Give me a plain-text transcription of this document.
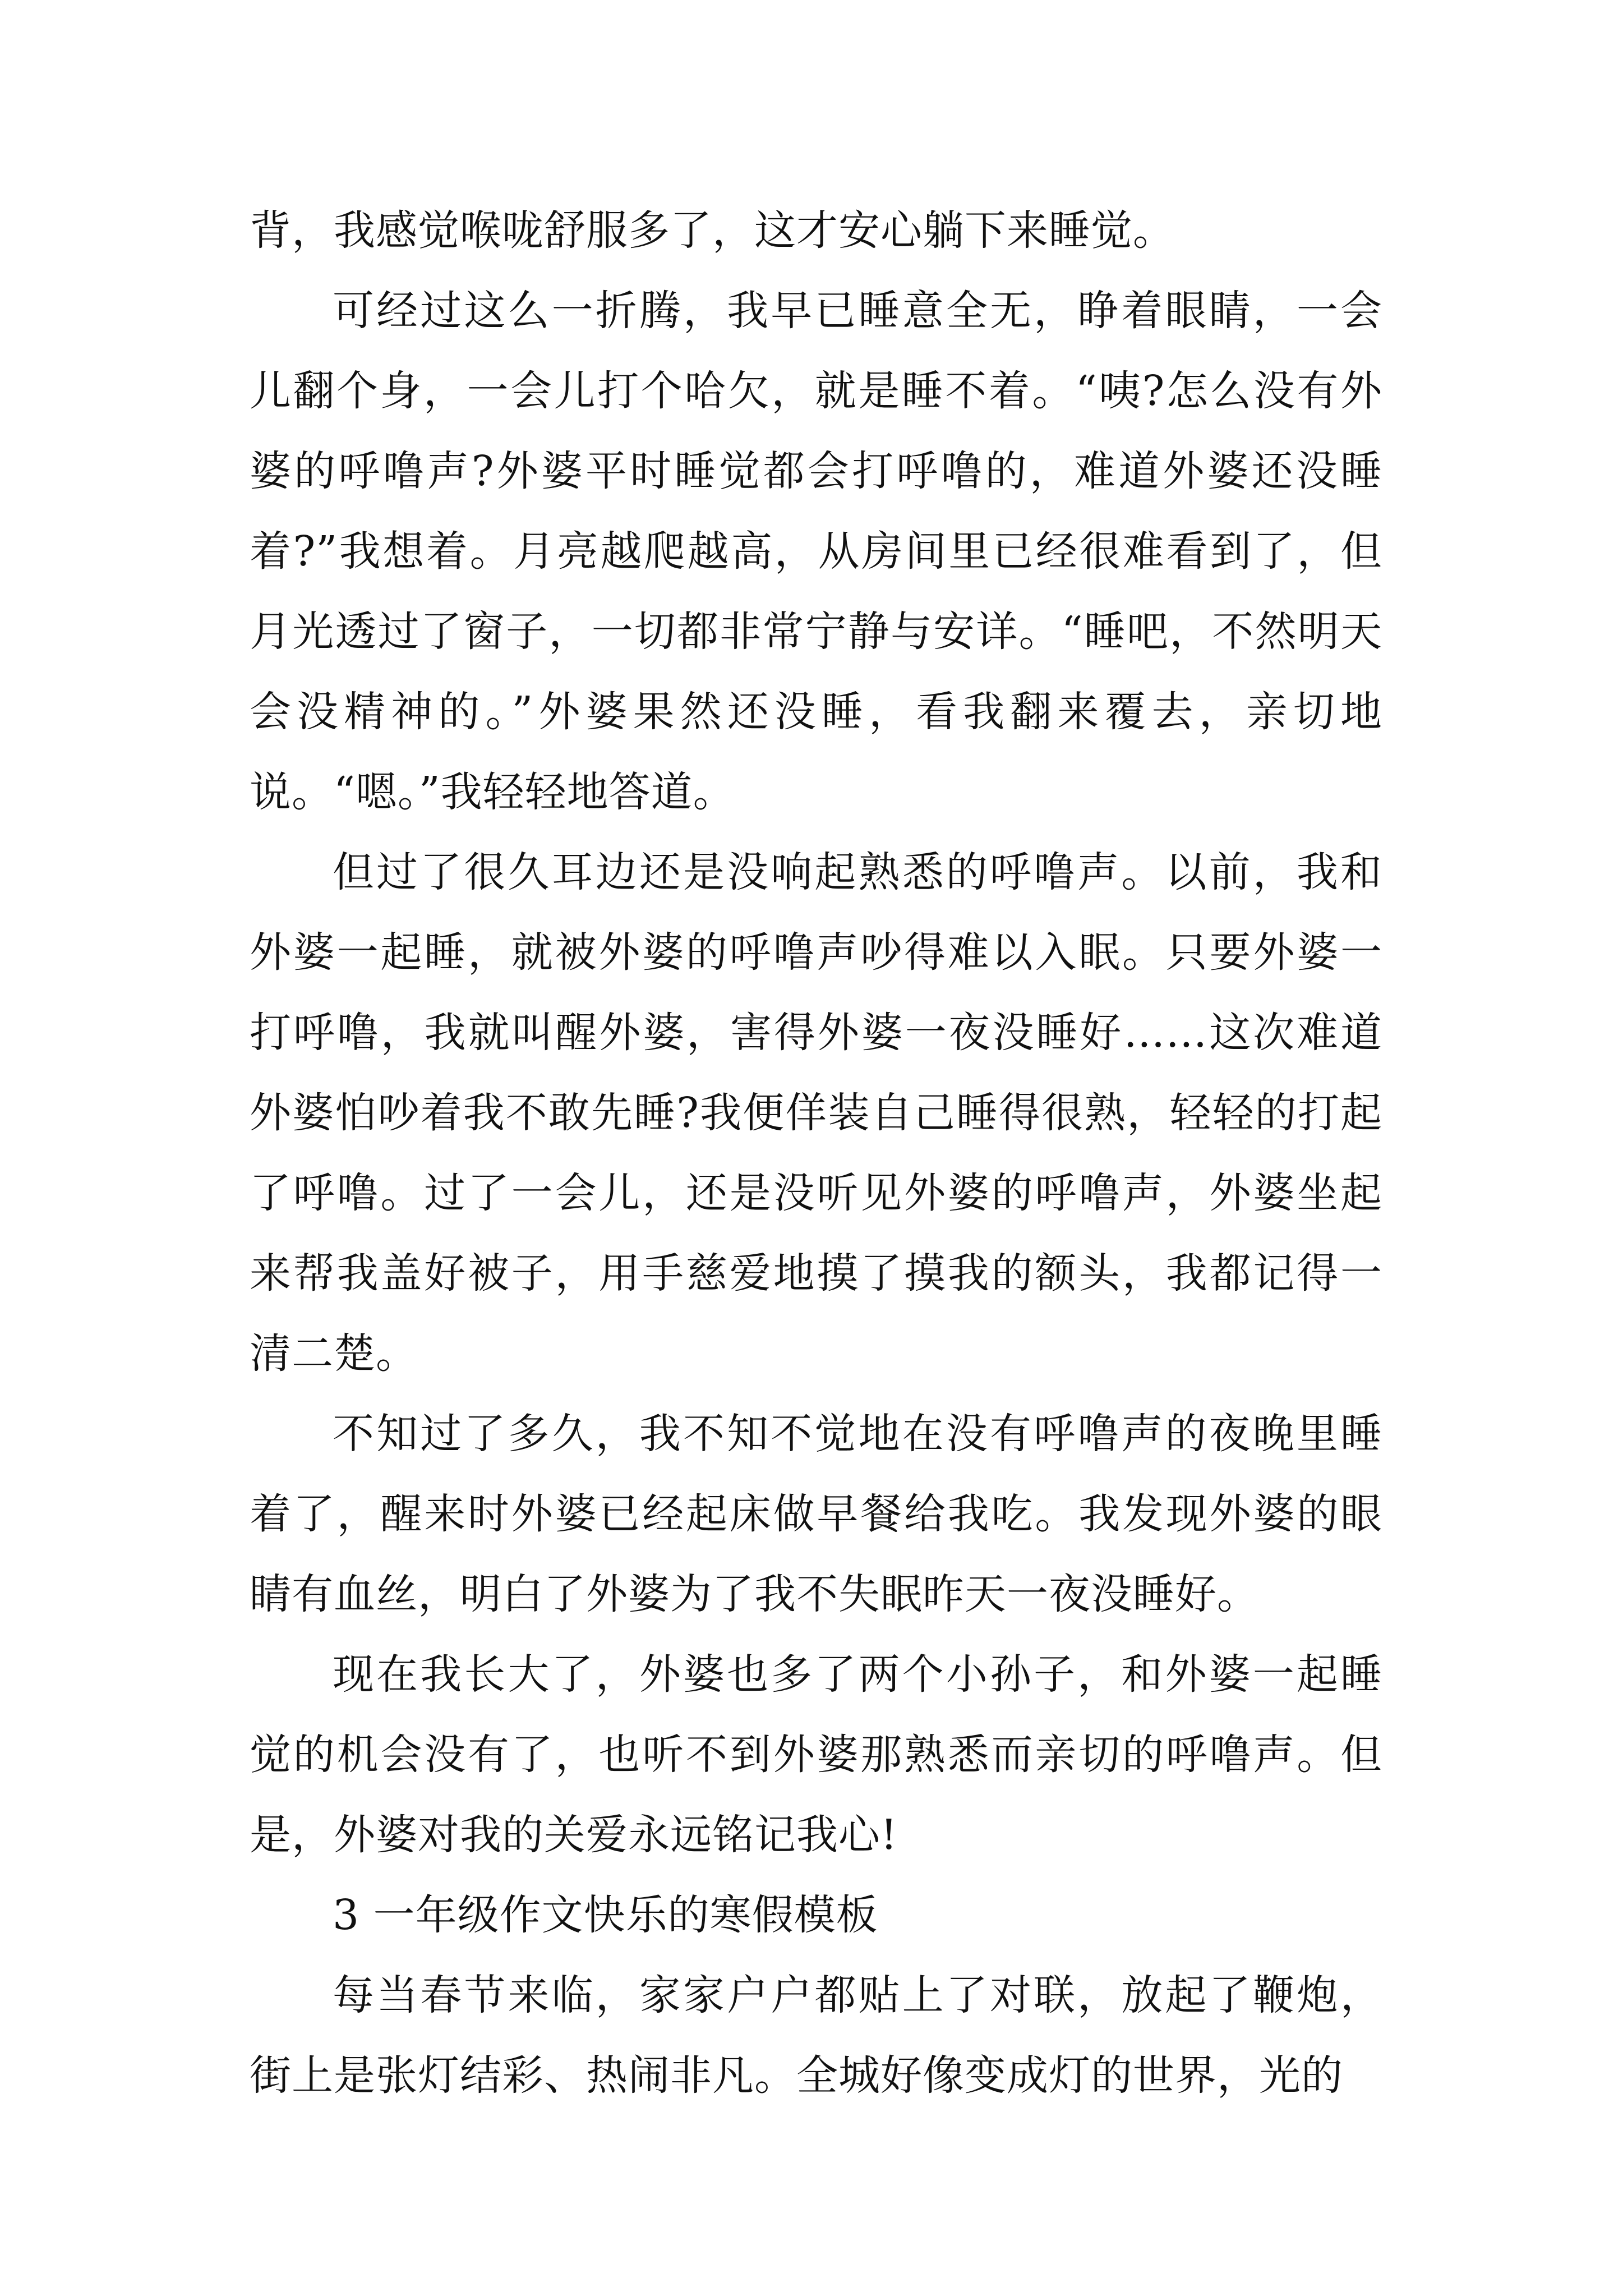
背，我感觉喉咙舒服多了，这才安心躺下来睡觉。

可经过这么一折腾，我早已睡意全无，睁着眼睛，一会儿翻个身，一会儿打个哈欠，就是睡不着。“咦?怎么没有外婆的呼噜声?外婆平时睡觉都会打呼噜的，难道外婆还没睡着?”我想着。月亮越爬越高，从房间里已经很难看到了，但月光透过了窗子，一切都非常宁静与安详。“睡吧，不然明天会没精神的。”外婆果然还没睡，看我翻来覆去，亲切地说。“嗯。”我轻轻地答道。

但过了很久耳边还是没响起熟悉的呼噜声。以前，我和外婆一起睡，就被外婆的呼噜声吵得难以入眠。只要外婆一打呼噜，我就叫醒外婆，害得外婆一夜没睡好……这次难道外婆怕吵着我不敢先睡?我便佯装自己睡得很熟，轻轻的打起了呼噜。过了一会儿，还是没听见外婆的呼噜声，外婆坐起来帮我盖好被子，用手慈爱地摸了摸我的额头，我都记得一清二楚。

不知过了多久，我不知不觉地在没有呼噜声的夜晚里睡着了，醒来时外婆已经起床做早餐给我吃。我发现外婆的眼睛有血丝，明白了外婆为了我不失眠昨天一夜没睡好。

现在我长大了，外婆也多了两个小孙子，和外婆一起睡觉的机会没有了，也听不到外婆那熟悉而亲切的呼噜声。但是，外婆对我的关爱永远铭记我心!

3 一年级作文快乐的寒假模板

每当春节来临，家家户户都贴上了对联，放起了鞭炮，街上是张灯结彩、热闹非凡。全城好像变成灯的世界，光的
